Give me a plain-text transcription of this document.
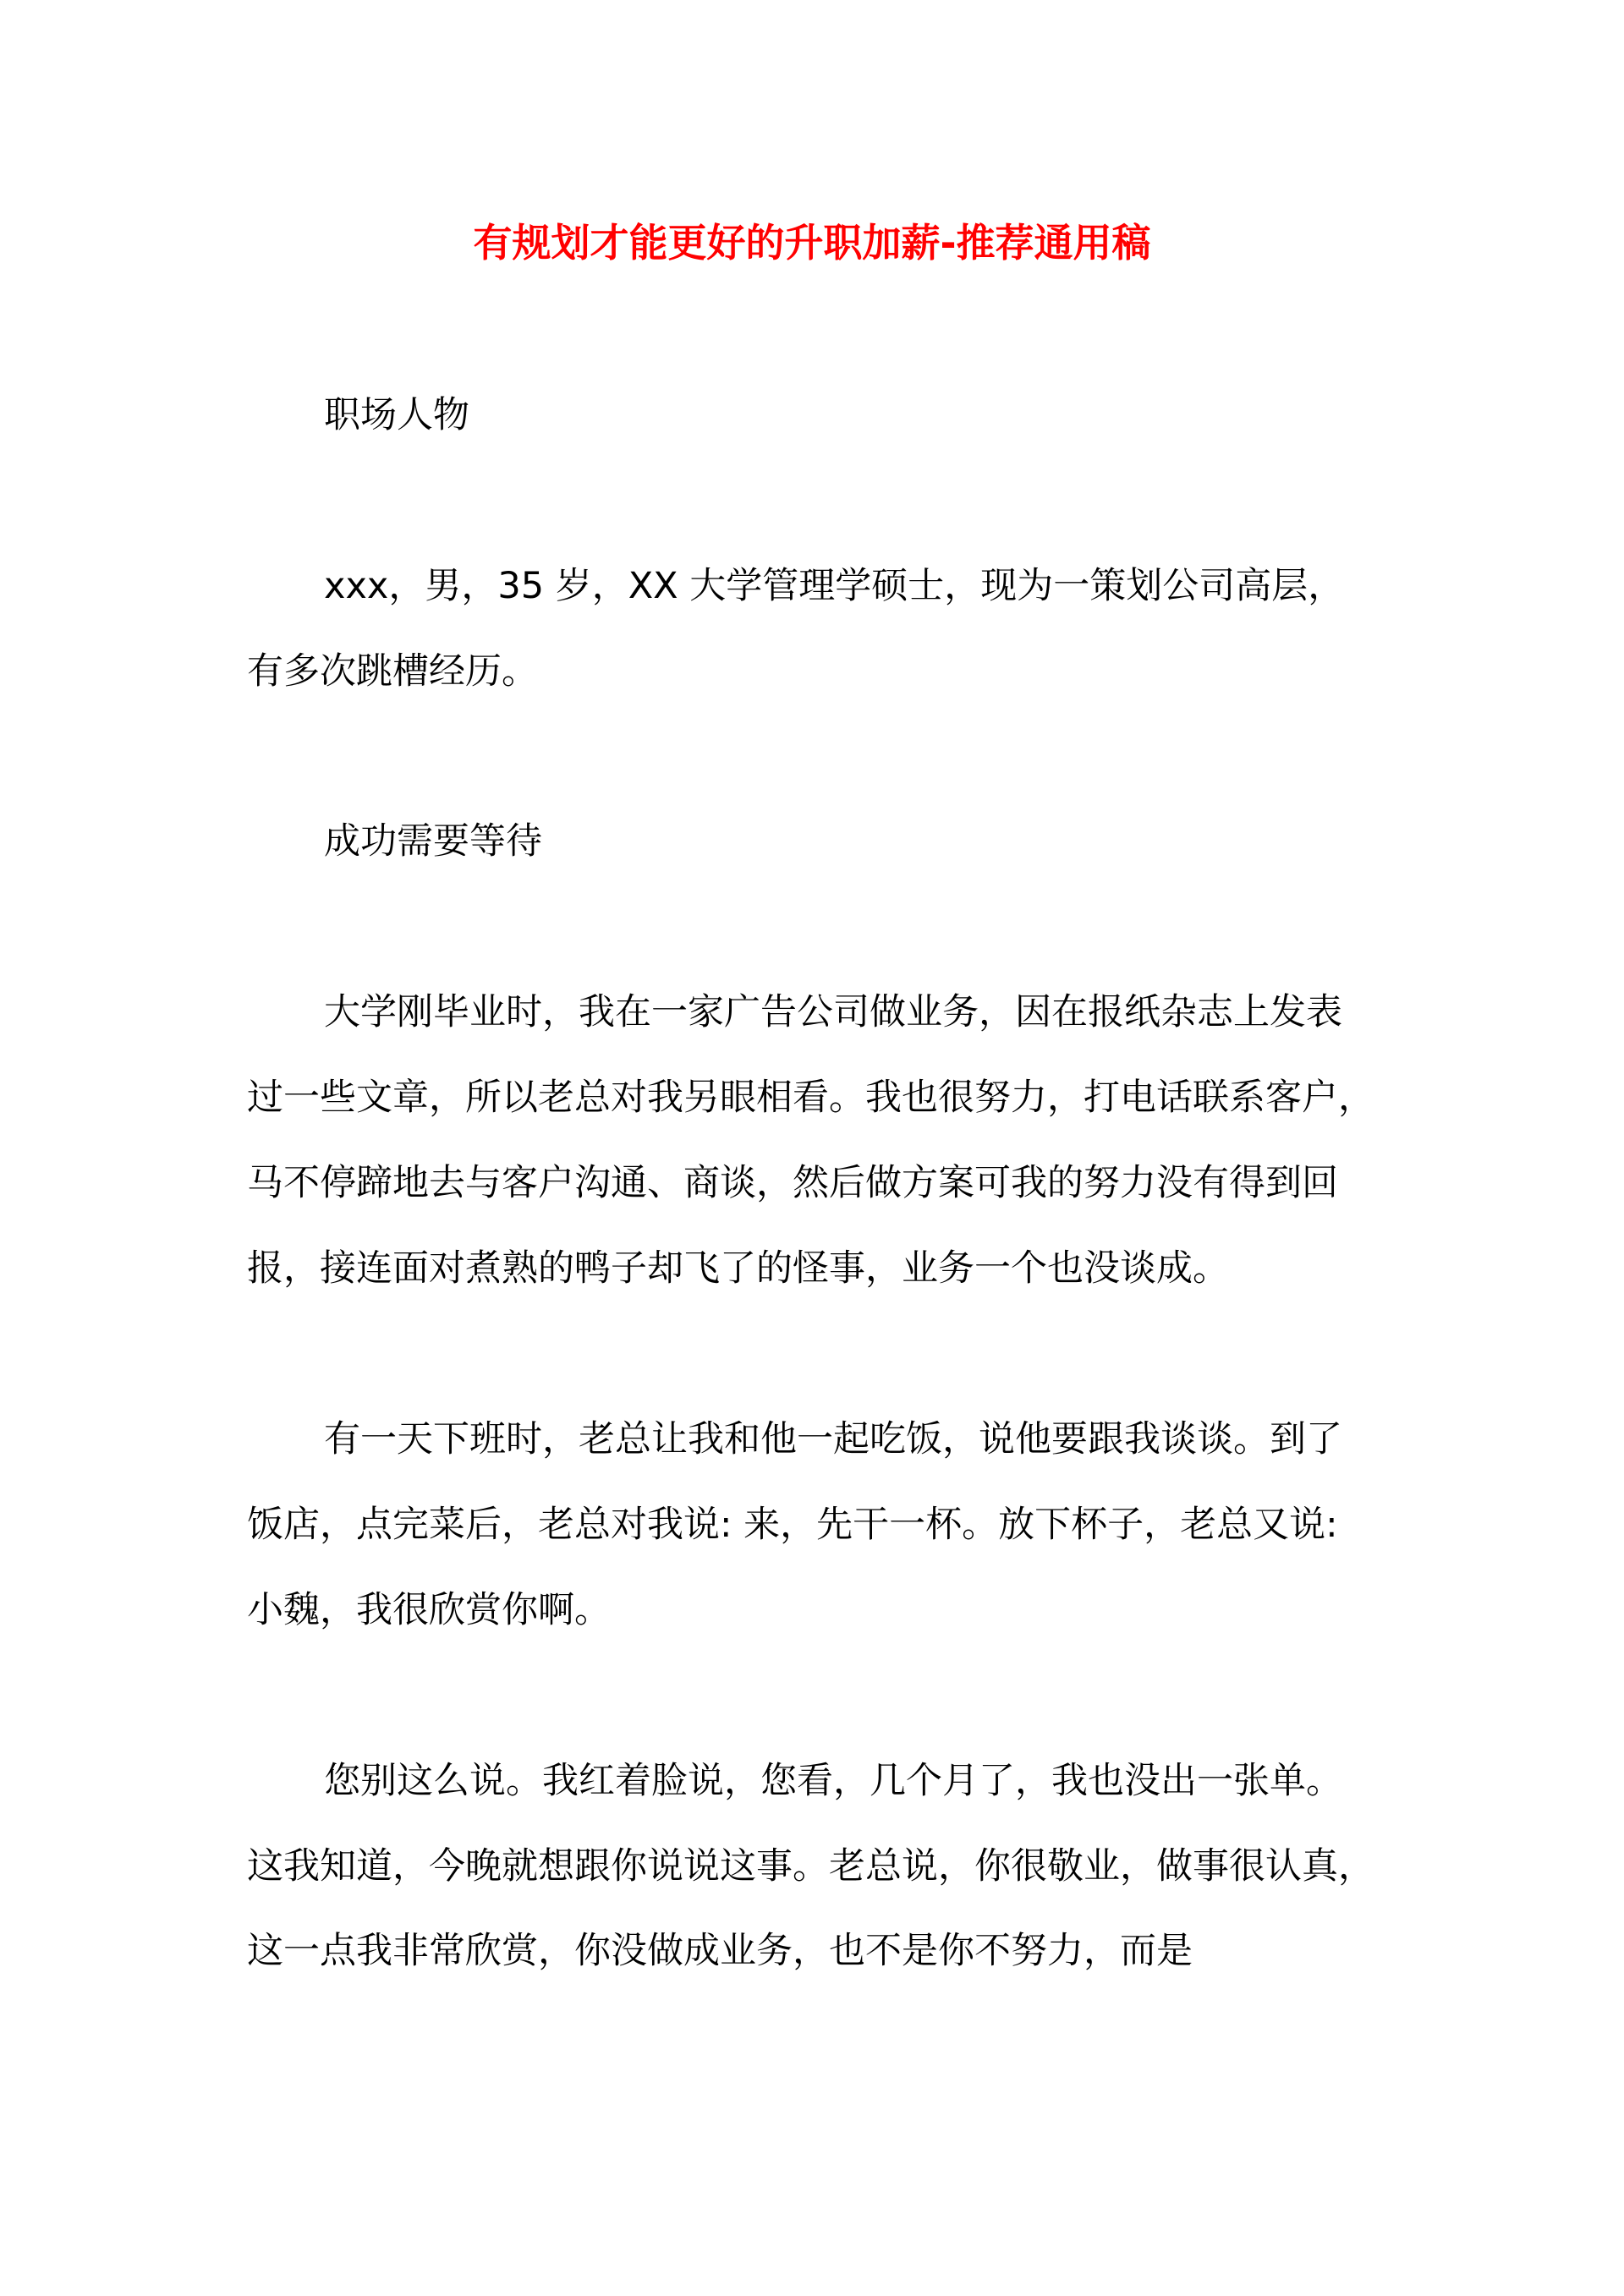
有规划才能更好的升职加薪-推荐通用稿
职场人物
xxx，男，35 岁，XX 大学管理学硕士，现为一策划公司高层，
有多次跳槽经历。
成功需要等待
大学刚毕业时，我在一家广告公司做业务，因在报纸杂志上发表
过一些文章，所以老总对我另眼相看。我也很努力，打电话联系客户，
马不停蹄地去与客户沟通、商谈，然后做方案可我的努力没有得到回
报，接连面对煮熟的鸭子却飞了的怪事，业务一个也没谈成。
有一天下班时，老总让我和他一起吃饭，说他要跟我谈谈。到了
饭店，点完菜后，老总对我说: 来，先干一杯。放下杯子，老总又说:
小魏，我很欣赏你啊。
您别这么说。我红着脸说，您看，几个月了，我也没出一张单。
这我知道，今晚就想跟你说说这事。老总说，你很敬业，做事很认真，
这一点我非常欣赏，你没做成业务，也不是你不努力，而是
